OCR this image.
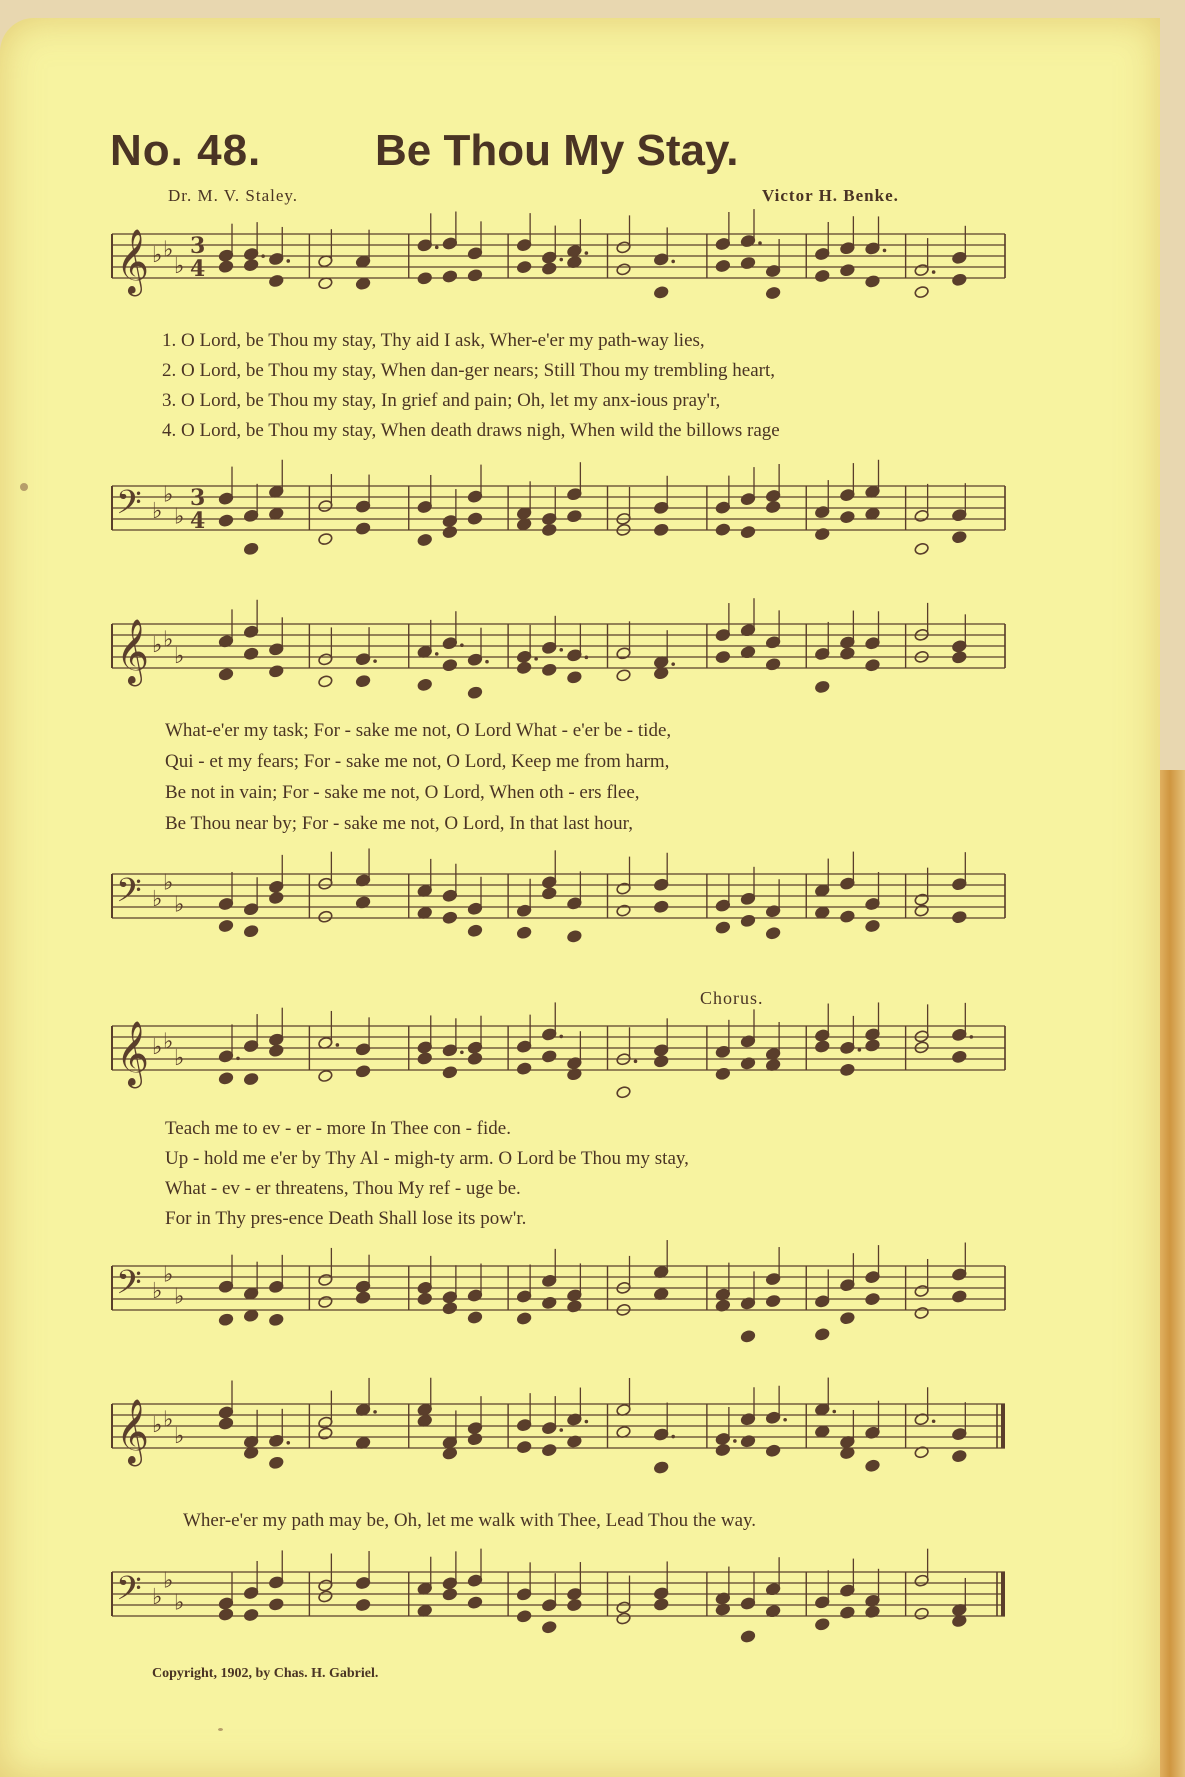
No. 48.	Be Thou My Stay.
Dr. M. V. Staley.	Victor H. Benke.
𝄞 ♭ ♭
♭
3
4
1. O Lord, be Thou my stay, Thy aid I ask, Wher-e'er my path-way lies,
2. O Lord, be Thou my stay, When dan-ger nears; Still Thou my trembling heart,
3. O Lord, be Thou my stay, In grief and pain; Oh, let my anx-ious pray'r,
4. O Lord, be Thou my stay, When death draws nigh, When wild the billows rage
𝄢 ♭
♭
♭
3
4
𝄞 ♭ ♭
♭
What-e'er my task; For - sake me not, O Lord What - e'er be - tide,
Qui - et my fears; For - sake me not, O Lord, Keep me from harm,
Be not in vain; For - sake me not, O Lord, When oth - ers flee,
Be Thou near by; For - sake me not, O Lord, In that last hour,
𝄢 ♭
♭
♭
Chorus.
𝄞 ♭ ♭
♭
Teach me to ev - er - more In Thee con - fide.
Up - hold me e'er by Thy Al - migh-ty arm. O Lord be Thou my stay,
What - ev - er threatens, Thou My ref - uge be.
For in Thy pres-ence Death Shall lose its pow'r.
𝄢 ♭
♭
♭
𝄞 ♭ ♭
♭
Wher-e'er my path may be, Oh, let me walk with Thee, Lead Thou the way.
𝄢 ♭
♭
♭
Copyright, 1902, by Chas. H. Gabriel.
